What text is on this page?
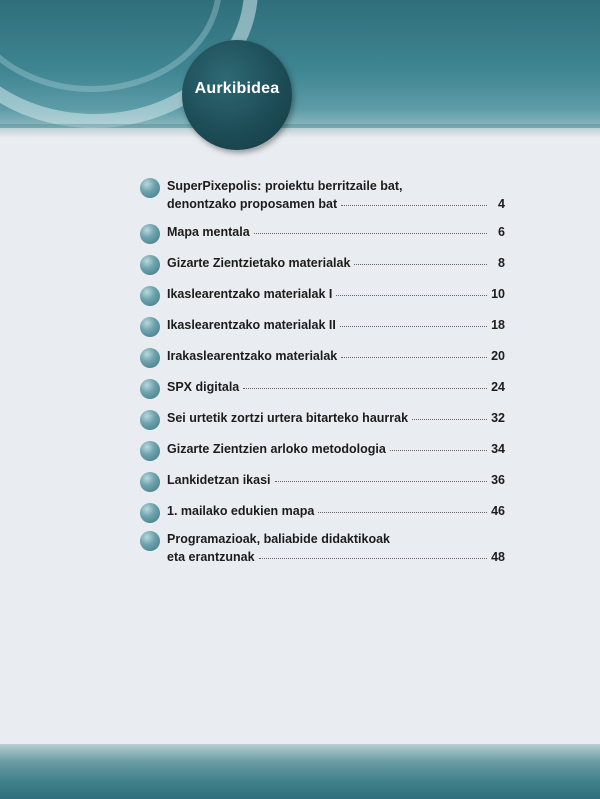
Aurkibidea
SuperPixepolis: proiektu berritzaile bat,
denontzako proposamen bat	4
Mapa mentala	6
Gizarte Zientzietako materialak	8
Ikaslearentzako materialak I	10
Ikaslearentzako materialak II	18
Irakaslearentzako materialak	20
SPX digitala	24
Sei urtetik zortzi urtera bitarteko haurrak	32
Gizarte Zientzien arloko metodologia	34
Lankidetzan ikasi	36
1. mailako edukien mapa	46
Programazioak, baliabide didaktikoak
eta erantzunak	48
